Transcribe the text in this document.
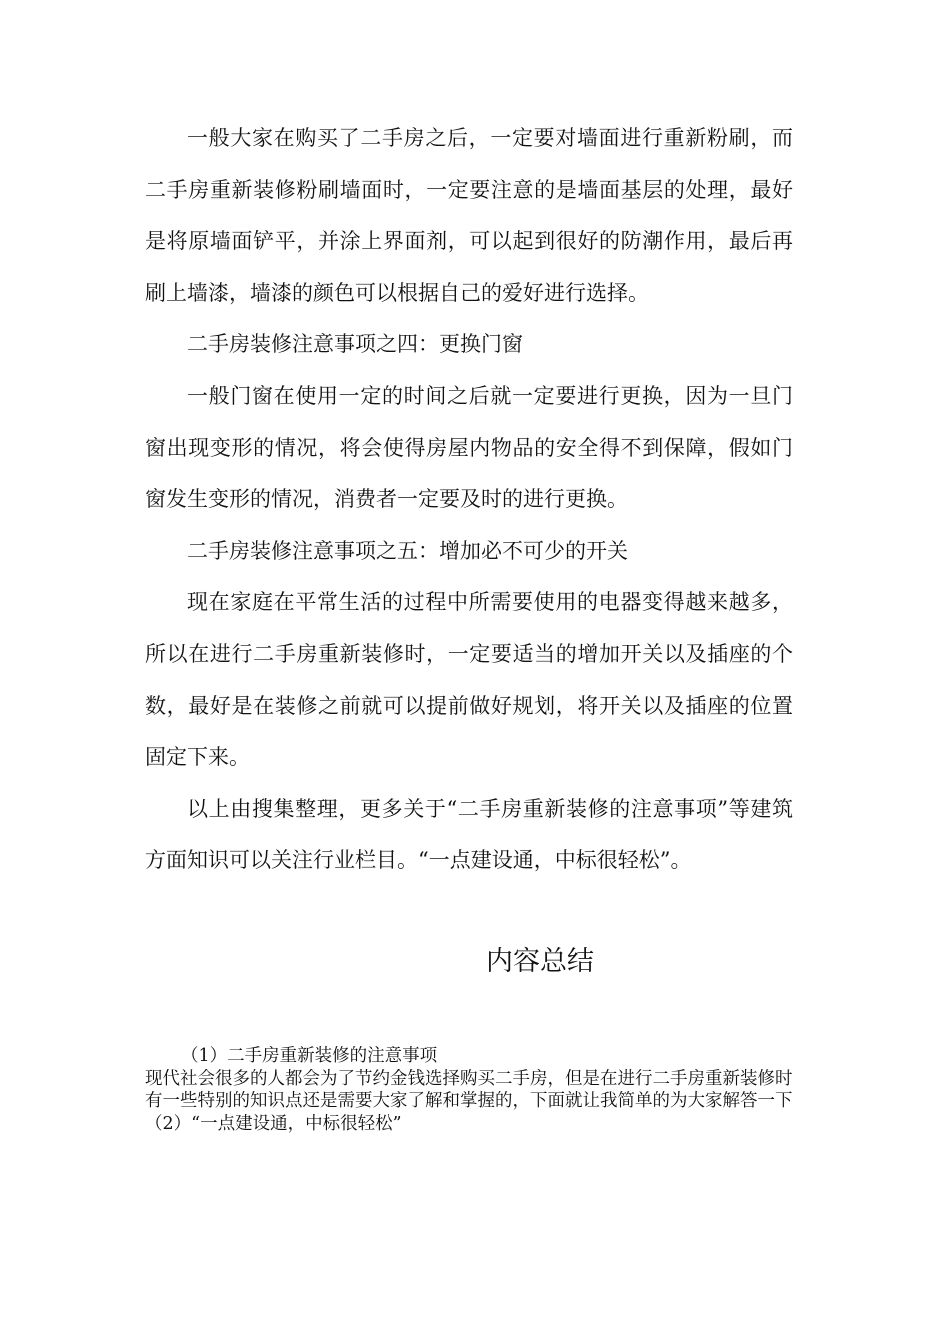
一般大家在购买了二手房之后，一定要对墙面进行重新粉刷，而二手房重新装修粉刷墙面时，一定要注意的是墙面基层的处理，最好是将原墙面铲平，并涂上界面剂，可以起到很好的防潮作用，最后再刷上墙漆，墙漆的颜色可以根据自己的爱好进行选择。

二手房装修注意事项之四：更换门窗

一般门窗在使用一定的时间之后就一定要进行更换，因为一旦门窗出现变形的情况，将会使得房屋内物品的安全得不到保障，假如门窗发生变形的情况，消费者一定要及时的进行更换。

二手房装修注意事项之五：增加必不可少的开关

现在家庭在平常生活的过程中所需要使用的电器变得越来越多，所以在进行二手房重新装修时，一定要适当的增加开关以及插座的个数，最好是在装修之前就可以提前做好规划，将开关以及插座的位置固定下来。

以上由搜集整理，更多关于“二手房重新装修的注意事项”等建筑方面知识可以关注行业栏目。“一点建设通，中标很轻松”。

内容总结

（1）二手房重新装修的注意事项

现代社会很多的人都会为了节约金钱选择购买二手房，但是在进行二手房重新装修时有一些特别的知识点还是需要大家了解和掌握的，下面就让我简单的为大家解答一下

（2）“一点建设通，中标很轻松”
